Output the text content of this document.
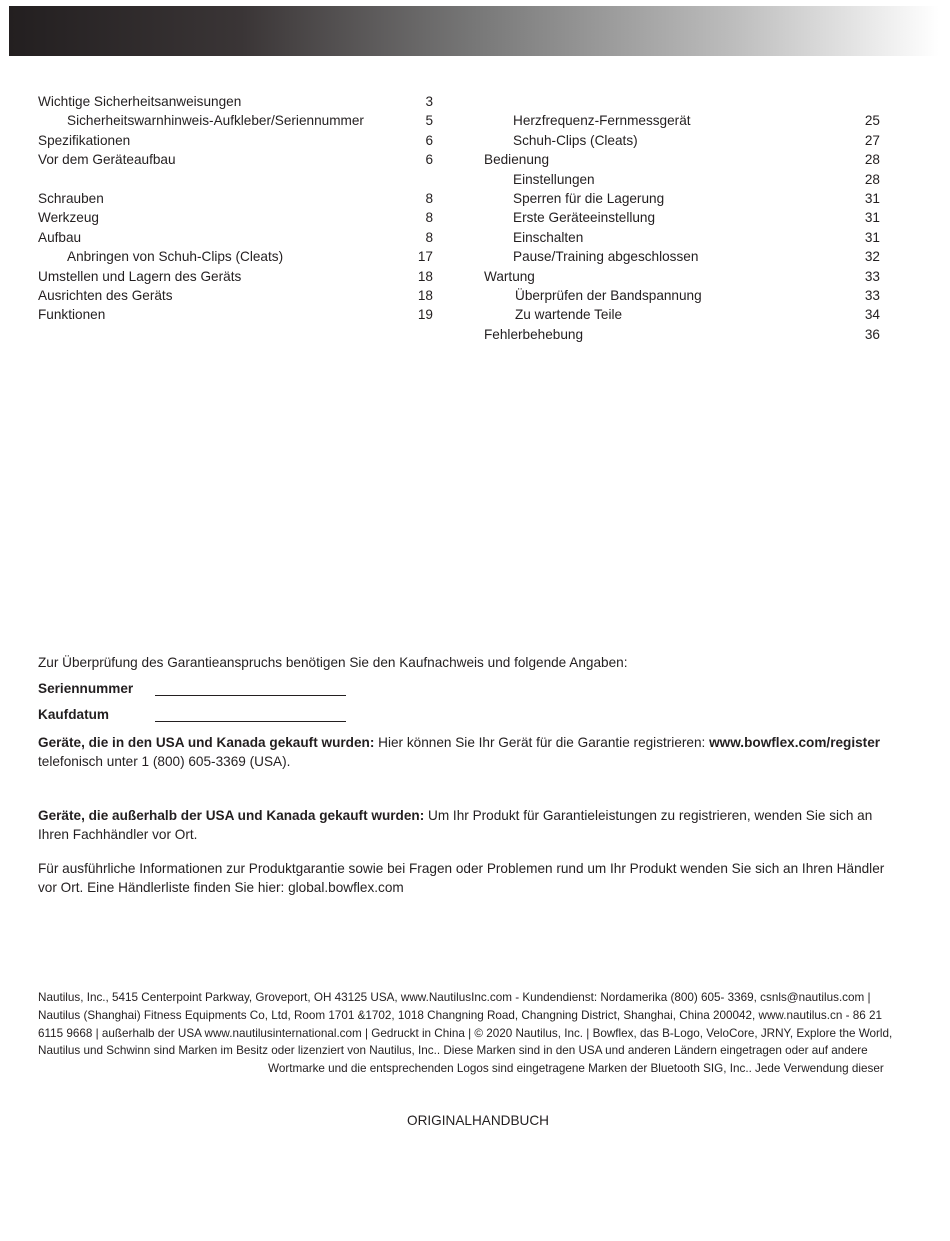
Wichtige Sicherheitsanweisungen	3
Sicherheitswarnhinweis-Aufkleber/Seriennummer	5
Spezifikationen	6
Vor dem Geräteaufbau	6
Schrauben	8
Werkzeug	8
Aufbau	8
Anbringen von Schuh-Clips (Cleats)	17
Umstellen und Lagern des Geräts	18
Ausrichten des Geräts	18
Funktionen	19
Herzfrequenz-Fernmessgerät	25
Schuh-Clips (Cleats)	27
Bedienung	28
Einstellungen	28
Sperren für die Lagerung	31
Erste Geräteeinstellung	31
Einschalten	31
Pause/Training abgeschlossen	32
Wartung	33
Überprüfen der Bandspannung	33
Zu wartende Teile	34
Fehlerbehebung	36

Zur Überprüfung des Garantieanspruchs benötigen Sie den Kaufnachweis und folgende Angaben:

Seriennummer
Kaufdatum
Geräte, die in den USA und Kanada gekauft wurden: Hier können Sie Ihr Gerät für die Garantie registrieren: www.bowflex.com/register
telefonisch unter 1 (800) 605-3369 (USA).
Geräte, die außerhalb der USA und Kanada gekauft wurden: Um Ihr Produkt für Garantieleistungen zu registrieren, wenden Sie sich an Ihren Fachhändler vor Ort.
Für ausführliche Informationen zur Produktgarantie sowie bei Fragen oder Problemen rund um Ihr Produkt wenden Sie sich an Ihren Händler vor Ort. Eine Händlerliste finden Sie hier: global.bowflex.com
Nautilus, Inc., 5415 Centerpoint Parkway, Groveport, OH 43125 USA, www.NautilusInc.com - Kundendienst: Nordamerika (800) 605- 3369, csnls@nautilus.com |
Nautilus (Shanghai) Fitness Equipments Co, Ltd, Room 1701 &1702, 1018 Changning Road, Changning District, Shanghai, China 200042, www.nautilus.cn - 86 21
6115 9668 | außerhalb der USA www.nautilusinternational.com | Gedruckt in China | © 2020 Nautilus, Inc. | Bowflex, das B-Logo, VeloCore, JRNY, Explore the World,
Nautilus und Schwinn sind Marken im Besitz oder lizenziert von Nautilus, Inc.. Diese Marken sind in den USA und anderen Ländern eingetragen oder auf andere
Wortmarke und die entsprechenden Logos sind eingetragene Marken der Bluetooth SIG, Inc.. Jede Verwendung dieser
ORIGINALHANDBUCH
